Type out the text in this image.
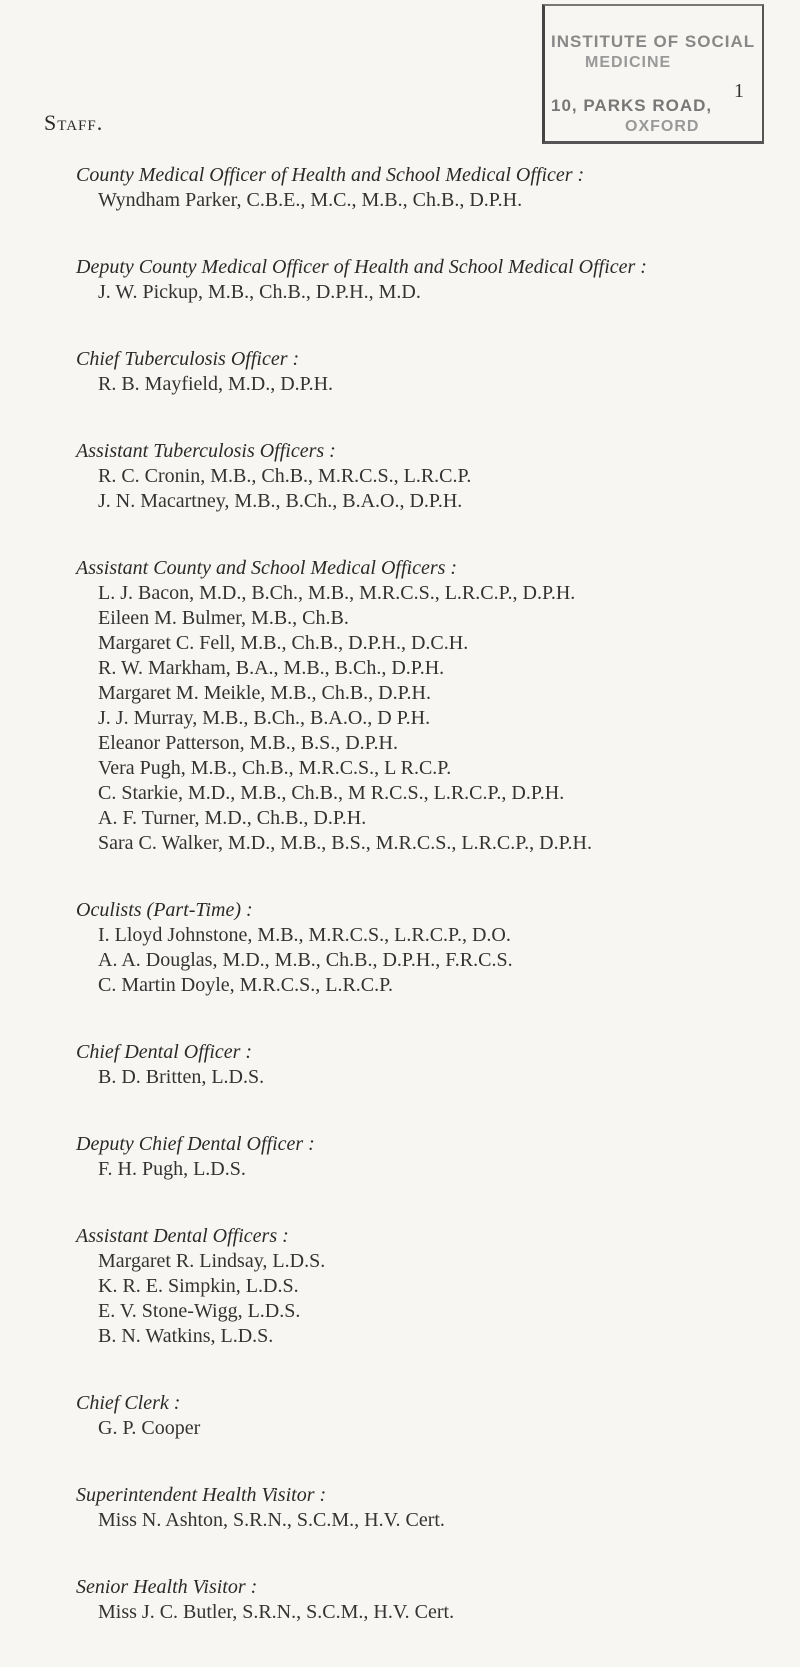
INSTITUTE OF SOCIAL
MEDICINE
10, PARKS ROAD,
OXFORD
1
Staff.

County Medical Officer of Health and School Medical Officer :

Wyndham Parker, C.B.E., M.C., M.B., Ch.B., D.P.H.

Deputy County Medical Officer of Health and School Medical Officer :

J. W. Pickup, M.B., Ch.B., D.P.H., M.D.

Chief Tuberculosis Officer :

R. B. Mayfield, M.D., D.P.H.

Assistant Tuberculosis Officers :

R. C. Cronin, M.B., Ch.B., M.R.C.S., L.R.C.P.
J. N. Macartney, M.B., B.Ch., B.A.O., D.P.H.

Assistant County and School Medical Officers :

L. J. Bacon, M.D., B.Ch., M.B., M.R.C.S., L.R.C.P., D.P.H.
Eileen M. Bulmer, M.B., Ch.B.
Margaret C. Fell, M.B., Ch.B., D.P.H., D.C.H.
R. W. Markham, B.A., M.B., B.Ch., D.P.H.
Margaret M. Meikle, M.B., Ch.B., D.P.H.
J. J. Murray, M.B., B.Ch., B.A.O., D P.H.
Eleanor Patterson, M.B., B.S., D.P.H.
Vera Pugh, M.B., Ch.B., M.R.C.S., L R.C.P.
C. Starkie, M.D., M.B., Ch.B., M R.C.S., L.R.C.P., D.P.H.
A. F. Turner, M.D., Ch.B., D.P.H.
Sara C. Walker, M.D., M.B., B.S., M.R.C.S., L.R.C.P., D.P.H.

Oculists (Part-Time) :

I. Lloyd Johnstone, M.B., M.R.C.S., L.R.C.P., D.O.
A. A. Douglas, M.D., M.B., Ch.B., D.P.H., F.R.C.S.
C. Martin Doyle, M.R.C.S., L.R.C.P.

Chief Dental Officer :

B. D. Britten, L.D.S.

Deputy Chief Dental Officer :

F. H. Pugh, L.D.S.

Assistant Dental Officers :

Margaret R. Lindsay, L.D.S.
K. R. E. Simpkin, L.D.S.
E. V. Stone-Wigg, L.D.S.
B. N. Watkins, L.D.S.

Chief Clerk :

G. P. Cooper

Superintendent Health Visitor :

Miss N. Ashton, S.R.N., S.C.M., H.V. Cert.

Senior Health Visitor :

Miss J. C. Butler, S.R.N., S.C.M., H.V. Cert.
